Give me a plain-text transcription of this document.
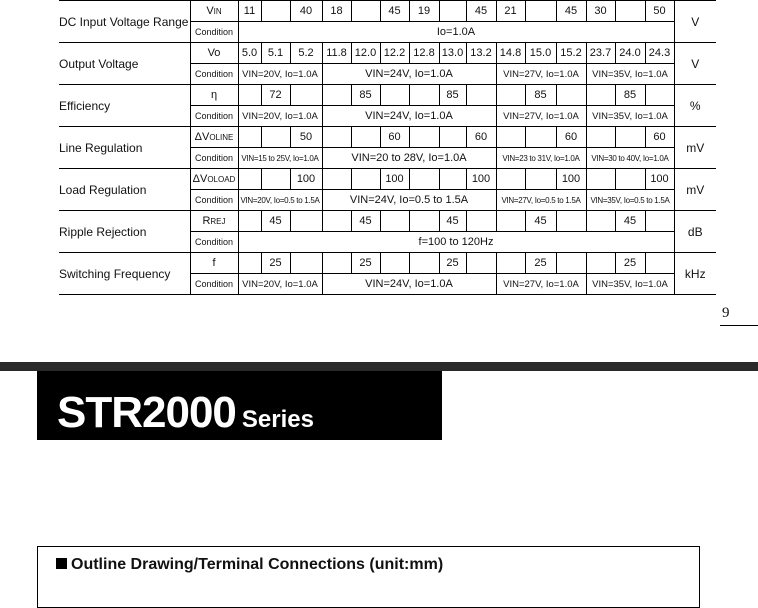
DC Input Voltage Range	VIN	11		40	18		45	19		45	21		45	30		50	V
	Condition	Io=1.0A															
Output Voltage	Vo	5.0	5.1	5.2	11.8	12.0	12.2	12.8	13.0	13.2	14.8	15.0	15.2	23.7	24.0	24.3	V
	Condition	VIN=20V, Io=1.0A			VIN=24V, Io=1.0A						VIN=27V, Io=1.0A			VIN=35V, Io=1.0A			
Efficiency	η		72			85			85			85			85		%
	Condition	VIN=20V, Io=1.0A			VIN=24V, Io=1.0A						VIN=27V, Io=1.0A			VIN=35V, Io=1.0A			
Line Regulation	ΔVOLINE			50			60			60			60			60	mV
	Condition	VIN=15 to 25V, Io=1.0A			VIN=20 to 28V, Io=1.0A						VIN=23 to 31V, Io=1.0A			VIN=30 to 40V, Io=1.0A			
Load Regulation	ΔVOLOAD			100			100			100			100			100	mV
	Condition	VIN=20V, Io=0.5 to 1.5A			VIN=24V, Io=0.5 to 1.5A						VIN=27V, Io=0.5 to 1.5A			VIN=35V, Io=0.5 to 1.5A			
Ripple Rejection	RREJ		45			45			45			45			45		dB
	Condition	f=100 to 120Hz															
Switching Frequency	f		25			25			25			25			25		kHz
	Condition	VIN=20V, Io=1.0A			VIN=24V, Io=1.0A						VIN=27V, Io=1.0A			VIN=35V, Io=1.0A			
9
STR2000 Series
Outline Drawing/Terminal Connections (unit:mm)
